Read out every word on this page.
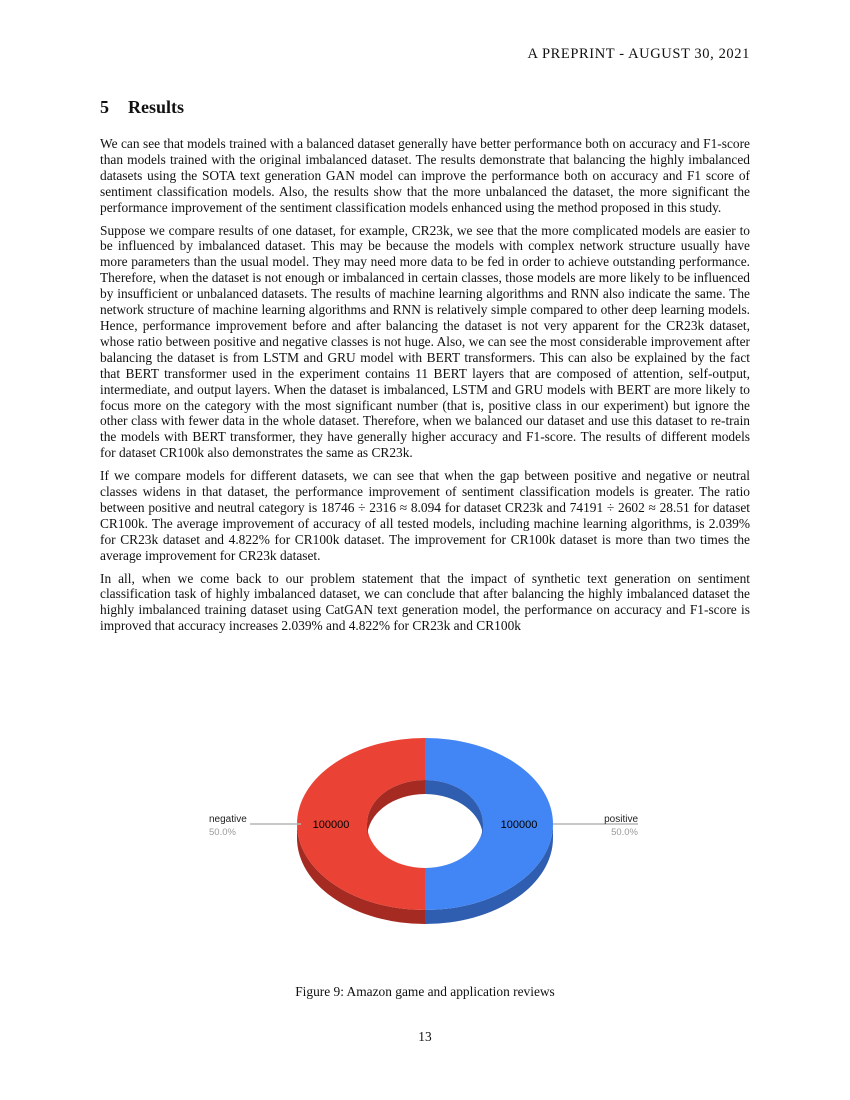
A PREPRINT - AUGUST 30, 2021
5 Results

We can see that models trained with a balanced dataset generally have better performance both on accuracy and F1-score than models trained with the original imbalanced dataset. The results demonstrate that balancing the highly imbalanced datasets using the SOTA text generation GAN model can improve the performance both on accuracy and F1 score of sentiment classification models. Also, the results show that the more unbalanced the dataset, the more significant the performance improvement of the sentiment classification models enhanced using the method proposed in this study.

Suppose we compare results of one dataset, for example, CR23k, we see that the more complicated models are easier to be influenced by imbalanced dataset. This may be because the models with complex network structure usually have more parameters than the usual model. They may need more data to be fed in order to achieve outstanding performance. Therefore, when the dataset is not enough or imbalanced in certain classes, those models are more likely to be influenced by insufficient or unbalanced datasets. The results of machine learning algorithms and RNN also indicate the same. The network structure of machine learning algorithms and RNN is relatively simple compared to other deep learning models. Hence, performance improvement before and after balancing the dataset is not very apparent for the CR23k dataset, whose ratio between positive and negative classes is not huge. Also, we can see the most considerable improvement after balancing the dataset is from LSTM and GRU model with BERT transformers. This can also be explained by the fact that BERT transformer used in the experiment contains 11 BERT layers that are composed of attention, self-output, intermediate, and output layers. When the dataset is imbalanced, LSTM and GRU models with BERT are more likely to focus more on the category with the most significant number (that is, positive class in our experiment) but ignore the other class with fewer data in the whole dataset. Therefore, when we balanced our dataset and use this dataset to re-train the models with BERT transformer, they have generally higher accuracy and F1-score. The results of different models for dataset CR100k also demonstrates the same as CR23k.

If we compare models for different datasets, we can see that when the gap between positive and negative or neutral classes widens in that dataset, the performance improvement of sentiment classification models is greater. The ratio between positive and neutral category is 18746 ÷ 2316 ≈ 8.094 for dataset CR23k and 74191 ÷ 2602 ≈ 28.51 for dataset CR100k. The average improvement of accuracy of all tested models, including machine learning algorithms, is 2.039% for CR23k dataset and 4.822% for CR100k dataset. The improvement for CR100k dataset is more than two times the average improvement for CR23k dataset.

In all, when we come back to our problem statement that the impact of synthetic text generation on sentiment classification task of highly imbalanced dataset, we can conclude that after balancing the highly imbalanced dataset the highly imbalanced training dataset using CatGAN text generation model, the performance on accuracy and F1-score is improved that accuracy increases 2.039% and 4.822% for CR23k and CR100k

100000	100000
negative
50.0%
positive
50.0%
Figure 9: Amazon game and application reviews
13
